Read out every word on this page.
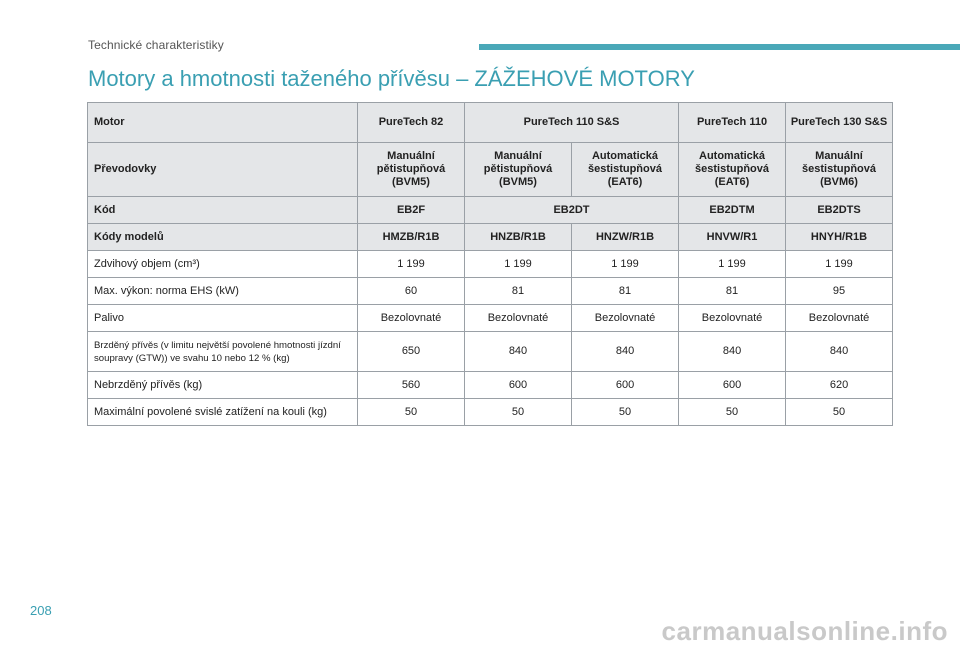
Technické charakteristiky
Motory a hmotnosti taženého přívěsu – ZÁŽEHOVÉ MOTORY
Motor	PureTech 82	PureTech 110 S&S		PureTech 110	PureTech 130 S&S
Převodovky	Manuální pětistupňová (BVM5)	Manuální pětistupňová (BVM5)	Automatická šestistupňová (EAT6)	Automatická šestistupňová (EAT6)	Manuální šestistupňová (BVM6)
Kód	EB2F	EB2DT		EB2DTM	EB2DTS
Kódy modelů	HMZB/R1B	HNZB/R1B	HNZW/R1B	HNVW/R1	HNYH/R1B
Zdvihový objem (cm³)	1 199	1 199	1 199	1 199	1 199
Max. výkon: norma EHS (kW)	60	81	81	81	95
Palivo	Bezolovnaté	Bezolovnaté	Bezolovnaté	Bezolovnaté	Bezolovnaté

Brzděný přívěs (v limitu největší povolené hmotnosti jízdní soupravy (GTW)) ve svahu 10 nebo 12 % (kg)	650	840	840	840	840
Nebrzděný přívěs (kg)	560	600	600	600	620
Maximální povolené svislé zatížení na kouli (kg)	50	50	50	50	50
208
carmanualsonline.info
